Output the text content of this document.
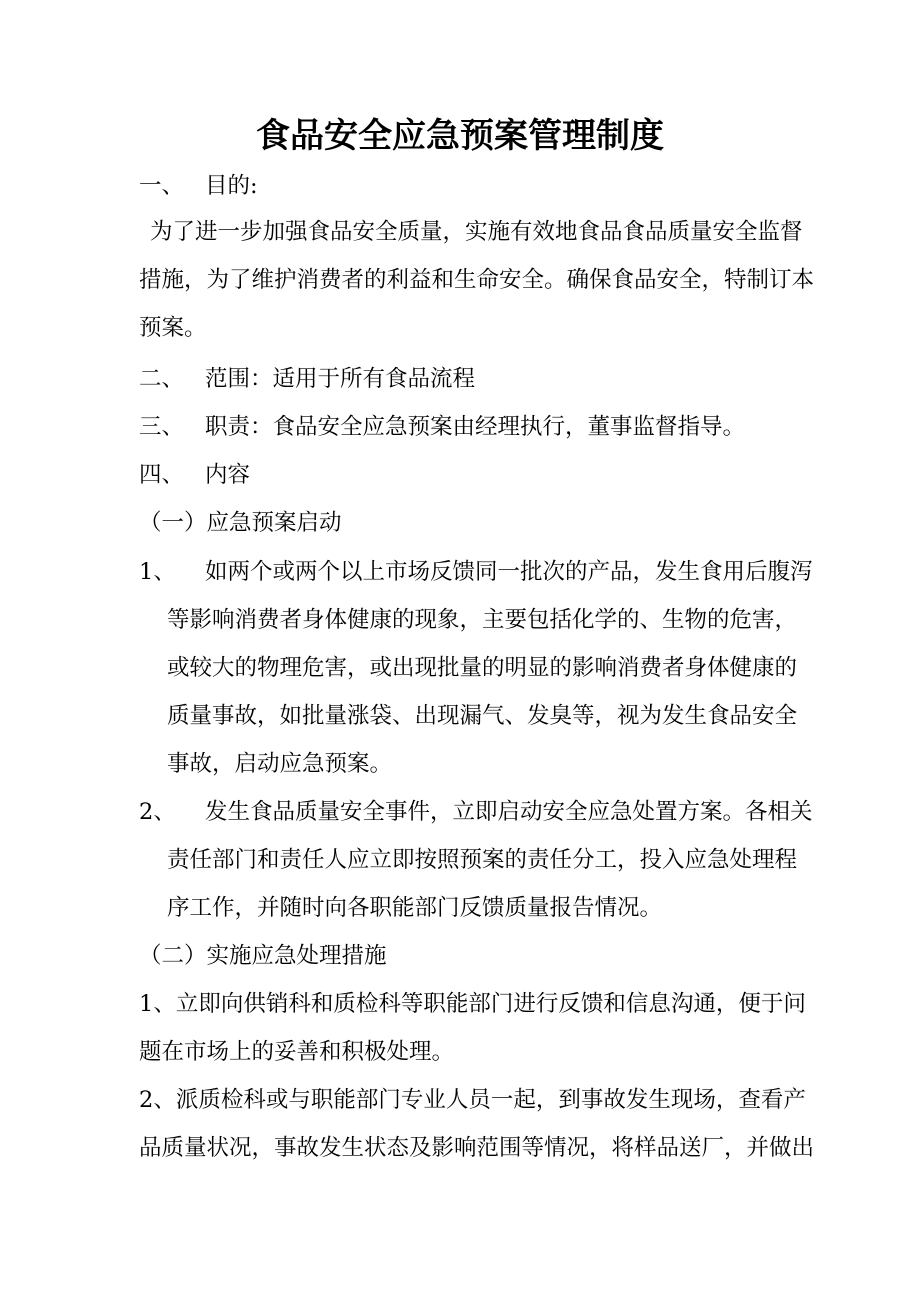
食品安全应急预案管理制度
一、 目的:
为了进一步加强食品安全质量，实施有效地食品食品质量安全监督
措施，为了维护消费者的利益和生命安全。确保食品安全，特制订本
预案。
二、 范围：适用于所有食品流程
三、 职责：食品安全应急预案由经理执行，董事监督指导。
四、 内容
（一）应急预案启动
1、 如两个或两个以上市场反馈同一批次的产品，发生食用后腹泻
等影响消费者身体健康的现象，主要包括化学的、生物的危害，
或较大的物理危害，或出现批量的明显的影响消费者身体健康的
质量事故，如批量涨袋、出现漏气、发臭等，视为发生食品安全
事故，启动应急预案。
2、 发生食品质量安全事件，立即启动安全应急处置方案。各相关
责任部门和责任人应立即按照预案的责任分工，投入应急处理程
序工作，并随时向各职能部门反馈质量报告情况。
（二）实施应急处理措施
1、立即向供销科和质检科等职能部门进行反馈和信息沟通，便于问
题在市场上的妥善和积极处理。
2、派质检科或与职能部门专业人员一起，到事故发生现场，查看产
品质量状况，事故发生状态及影响范围等情况，将样品送厂，并做出
